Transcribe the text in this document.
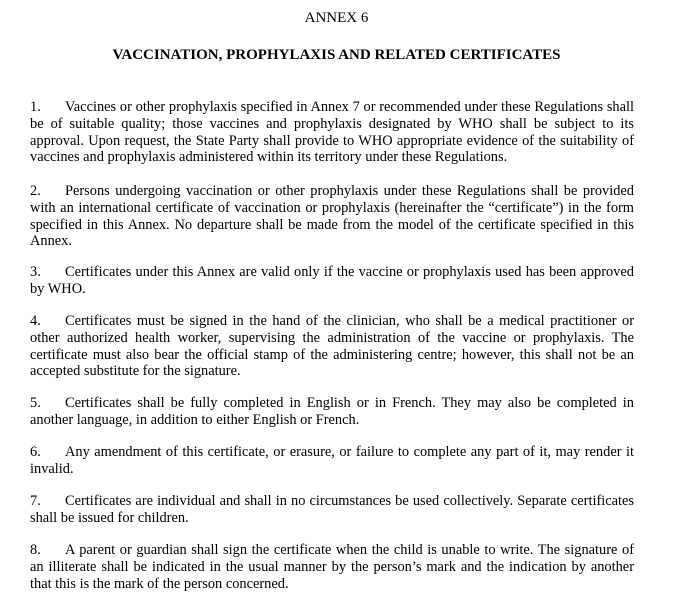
ANNEX 6
VACCINATION, PROPHYLAXIS AND RELATED CERTIFICATES
1. Vaccines or other prophylaxis specified in Annex 7 or recommended under these Regulations shall be of suitable quality; those vaccines and prophylaxis designated by WHO shall be subject to its approval. Upon request, the State Party shall provide to WHO appropriate evidence of the suitability of vaccines and prophylaxis administered within its territory under these Regulations.
2. Persons undergoing vaccination or other prophylaxis under these Regulations shall be provided with an international certificate of vaccination or prophylaxis (hereinafter the “certificate”) in the form specified in this Annex. No departure shall be made from the model of the certificate specified in this Annex.
3. Certificates under this Annex are valid only if the vaccine or prophylaxis used has been approved by WHO.
4. Certificates must be signed in the hand of the clinician, who shall be a medical practitioner or other authorized health worker, supervising the administration of the vaccine or prophylaxis. The certificate must also bear the official stamp of the administering centre; however, this shall not be an accepted substitute for the signature.
5. Certificates shall be fully completed in English or in French. They may also be completed in another language, in addition to either English or French.
6. Any amendment of this certificate, or erasure, or failure to complete any part of it, may render it invalid.
7. Certificates are individual and shall in no circumstances be used collectively. Separate certificates shall be issued for children.
8. A parent or guardian shall sign the certificate when the child is unable to write. The signature of an illiterate shall be indicated in the usual manner by the person’s mark and the indication by another that this is the mark of the person concerned.
